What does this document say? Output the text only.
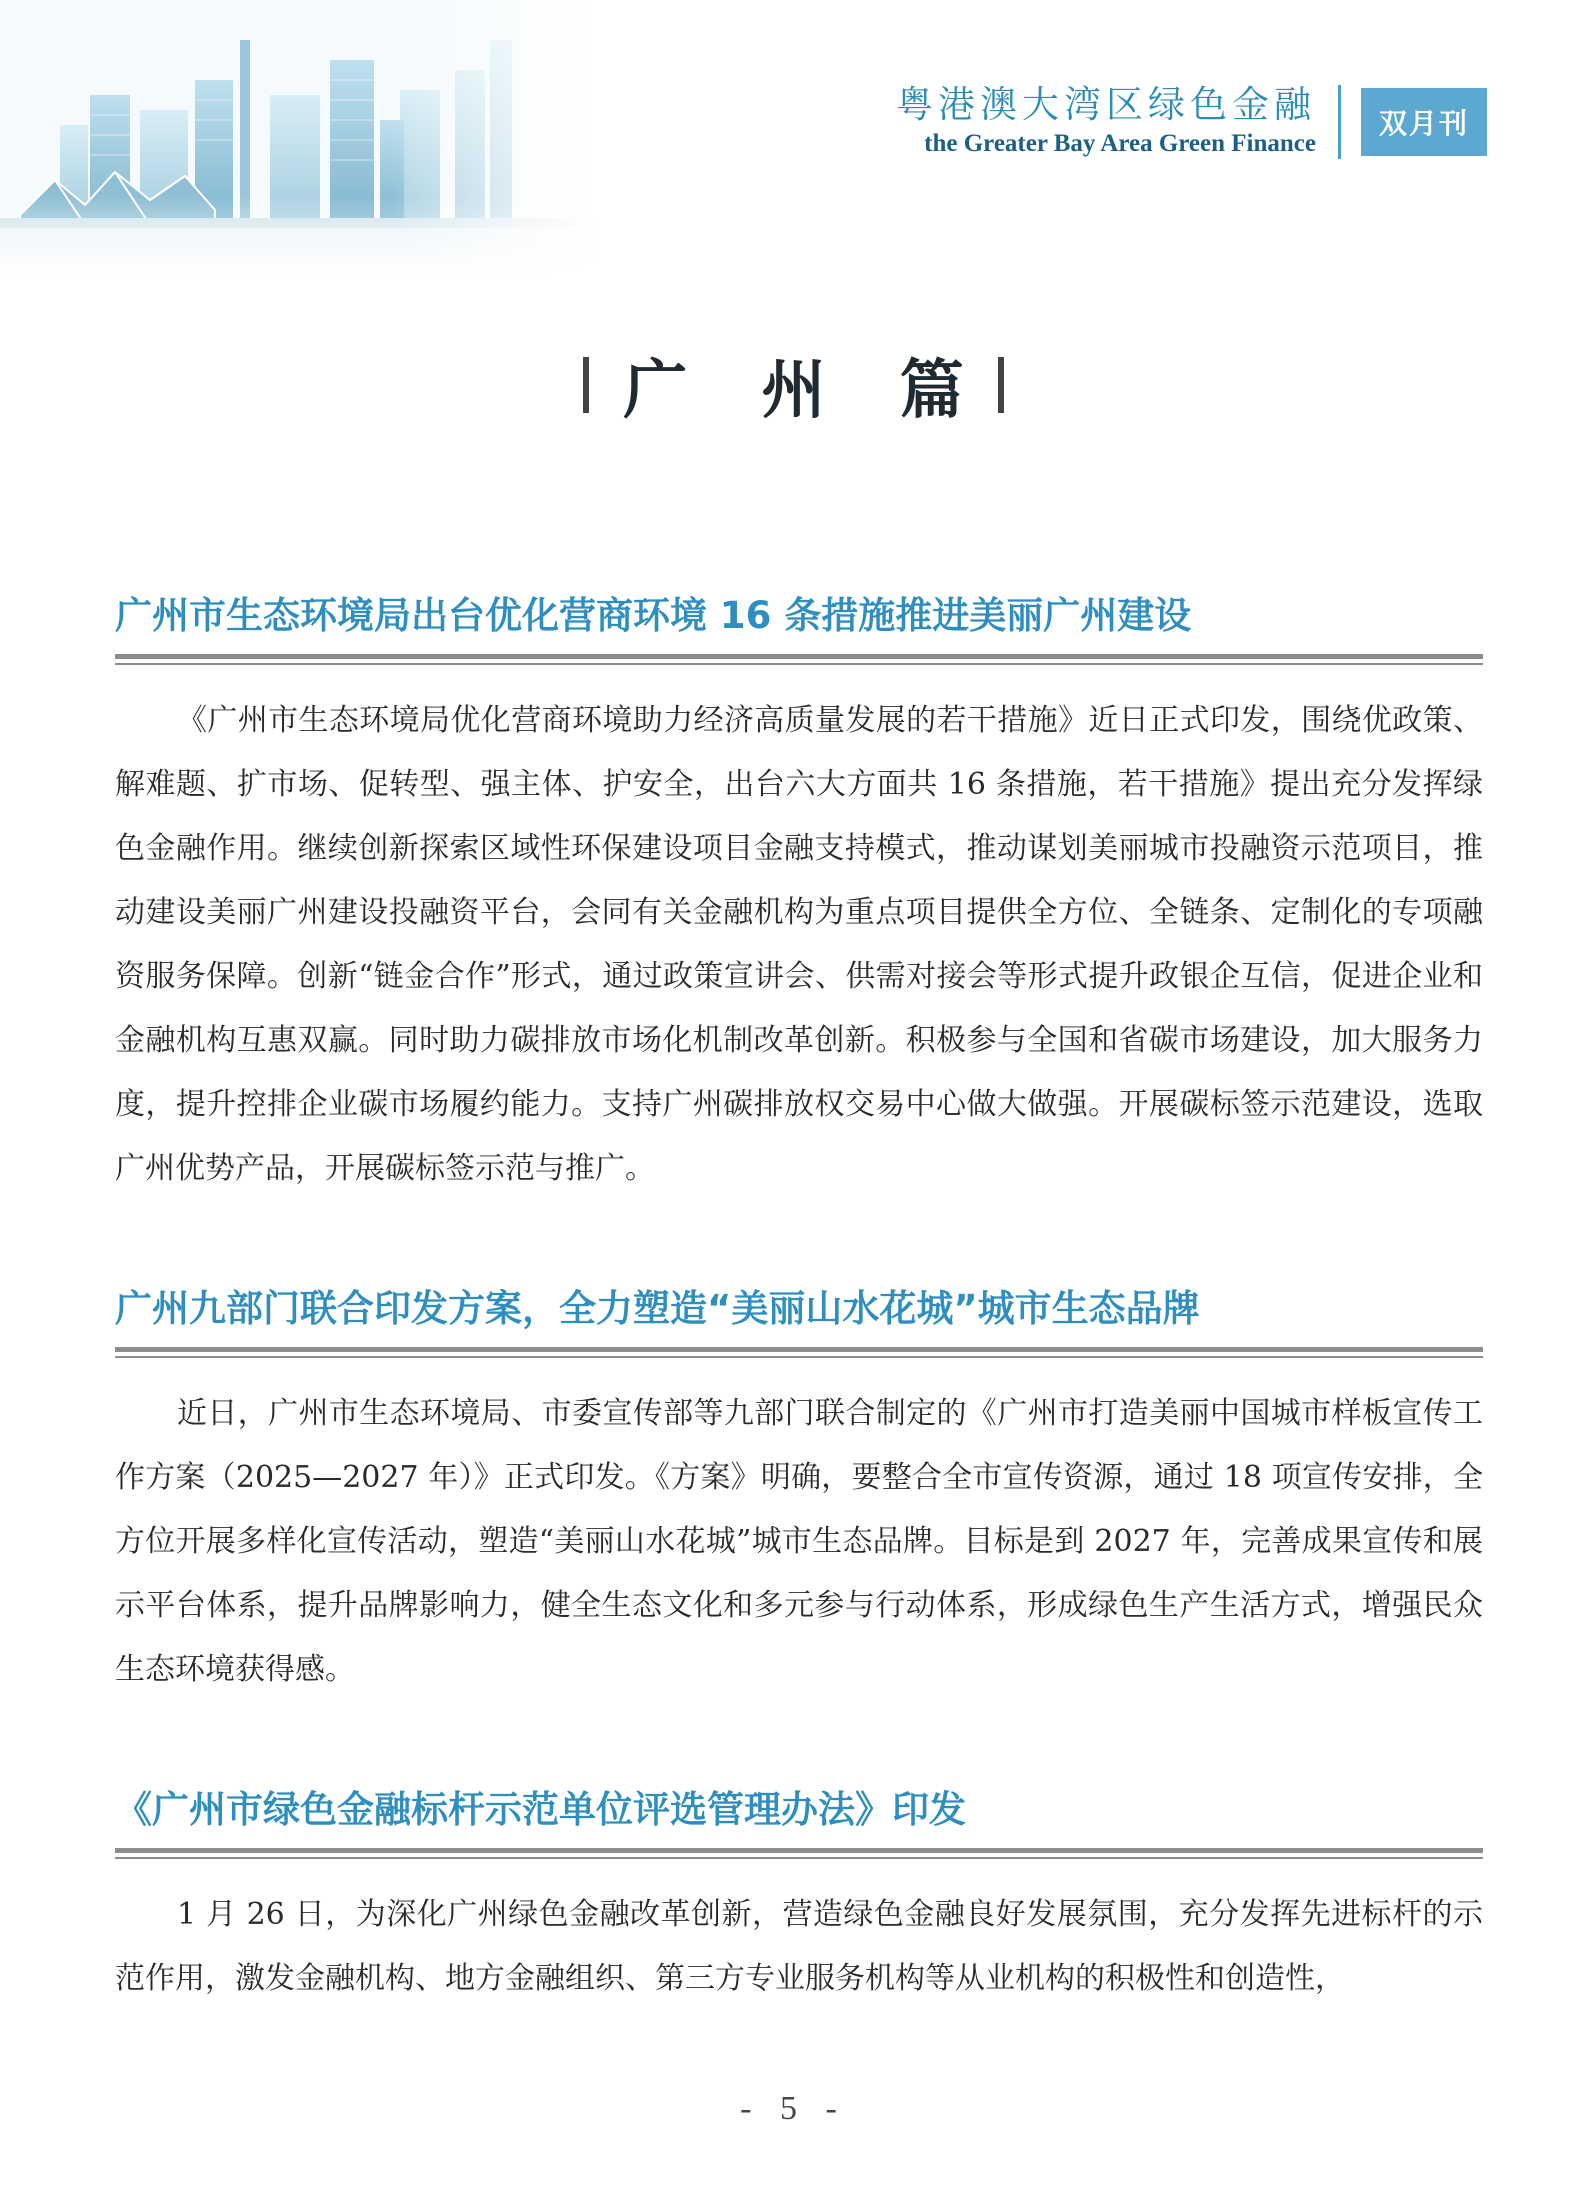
粤港澳大湾区绿色金融
the Greater Bay Area Green Finance
双月刊
广 州 篇
广州市生态环境局出台优化营商环境 16 条措施推进美丽广州建设
《广州市生态环境局优化营商环境助力经济高质量发展的若干措施》近日正式印发，围绕优政策、解难题、扩市场、促转型、强主体、护安全，出台六大方面共 16 条措施，若干措施》提出充分发挥绿色金融作用。继续创新探索区域性环保建设项目金融支持模式，推动谋划美丽城市投融资示范项目，推动建设美丽广州建设投融资平台，会同有关金融机构为重点项目提供全方位、全链条、定制化的专项融资服务保障。创新“链金合作”形式，通过政策宣讲会、供需对接会等形式提升政银企互信，促进企业和金融机构互惠双赢。同时助力碳排放市场化机制改革创新。积极参与全国和省碳市场建设，加大服务力度，提升控排企业碳市场履约能力。支持广州碳排放权交易中心做大做强。开展碳标签示范建设，选取广州优势产品，开展碳标签示范与推广。
广州九部门联合印发方案，全力塑造“美丽山水花城”城市生态品牌
近日，广州市生态环境局、市委宣传部等九部门联合制定的《广州市打造美丽中国城市样板宣传工作方案（2025—2027 年）》正式印发。《方案》明确，要整合全市宣传资源，通过 18 项宣传安排，全方位开展多样化宣传活动，塑造“美丽山水花城”城市生态品牌。目标是到 2027 年，完善成果宣传和展示平台体系，提升品牌影响力，健全生态文化和多元参与行动体系，形成绿色生产生活方式，增强民众生态环境获得感。
《广州市绿色金融标杆示范单位评选管理办法》印发
1 月 26 日，为深化广州绿色金融改革创新，营造绿色金融良好发展氛围，充分发挥先进标杆的示范作用，激发金融机构、地方金融组织、第三方专业服务机构等从业机构的积极性和创造性，
- 5 -
